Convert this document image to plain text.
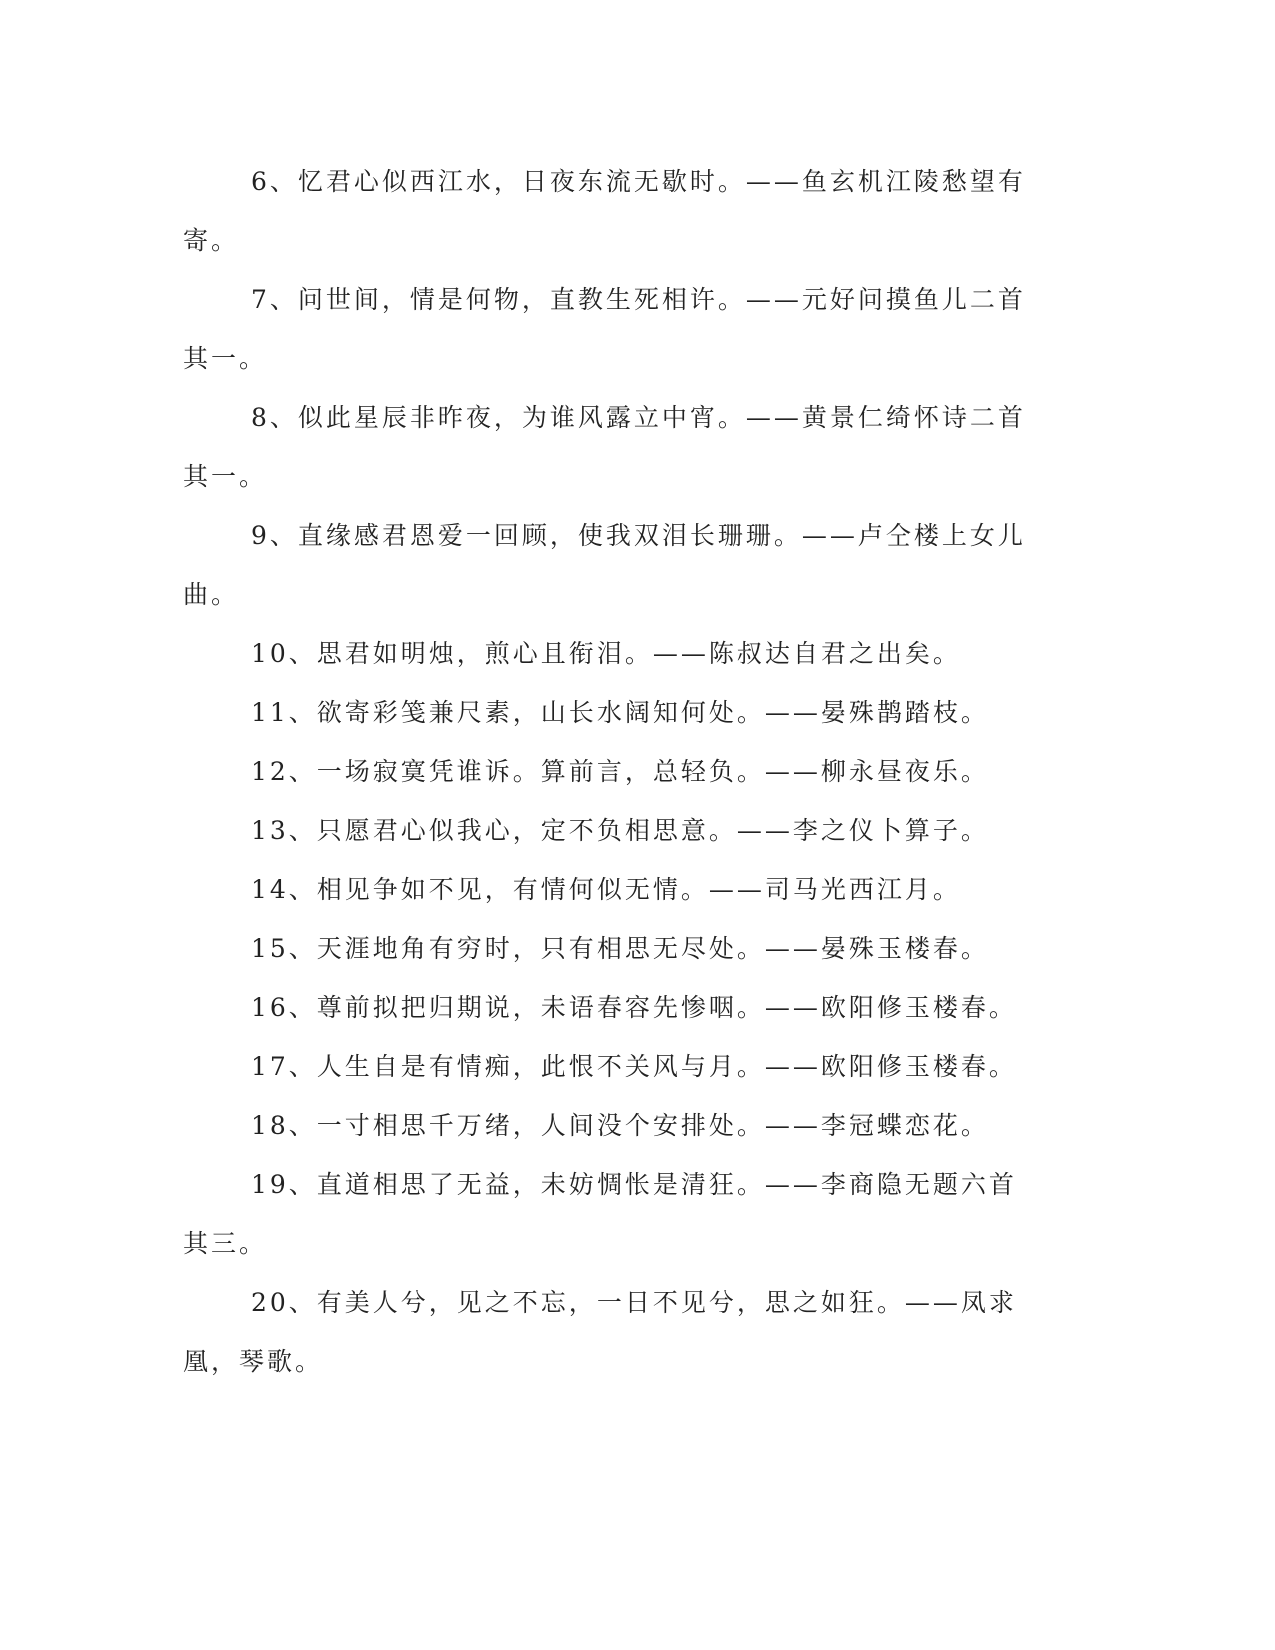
6、忆君心似西江水，日夜东流无歇时。——鱼玄机江陵愁望有寄。

7、问世间，情是何物，直教生死相许。——元好问摸鱼儿二首其一。

8、似此星辰非昨夜，为谁风露立中宵。——黄景仁绮怀诗二首其一。

9、直缘感君恩爱一回顾，使我双泪长珊珊。——卢仝楼上女儿曲。

10、思君如明烛，煎心且衔泪。——陈叔达自君之出矣。

11、欲寄彩笺兼尺素，山长水阔知何处。——晏殊鹊踏枝。

12、一场寂寞凭谁诉。算前言，总轻负。——柳永昼夜乐。

13、只愿君心似我心，定不负相思意。——李之仪卜算子。

14、相见争如不见，有情何似无情。——司马光西江月。

15、天涯地角有穷时，只有相思无尽处。——晏殊玉楼春。

16、尊前拟把归期说，未语春容先惨咽。——欧阳修玉楼春。

17、人生自是有情痴，此恨不关风与月。——欧阳修玉楼春。

18、一寸相思千万绪，人间没个安排处。——李冠蝶恋花。

19、直道相思了无益，未妨惆怅是清狂。——李商隐无题六首其三。

20、有美人兮，见之不忘，一日不见兮，思之如狂。——凤求凰，琴歌。
